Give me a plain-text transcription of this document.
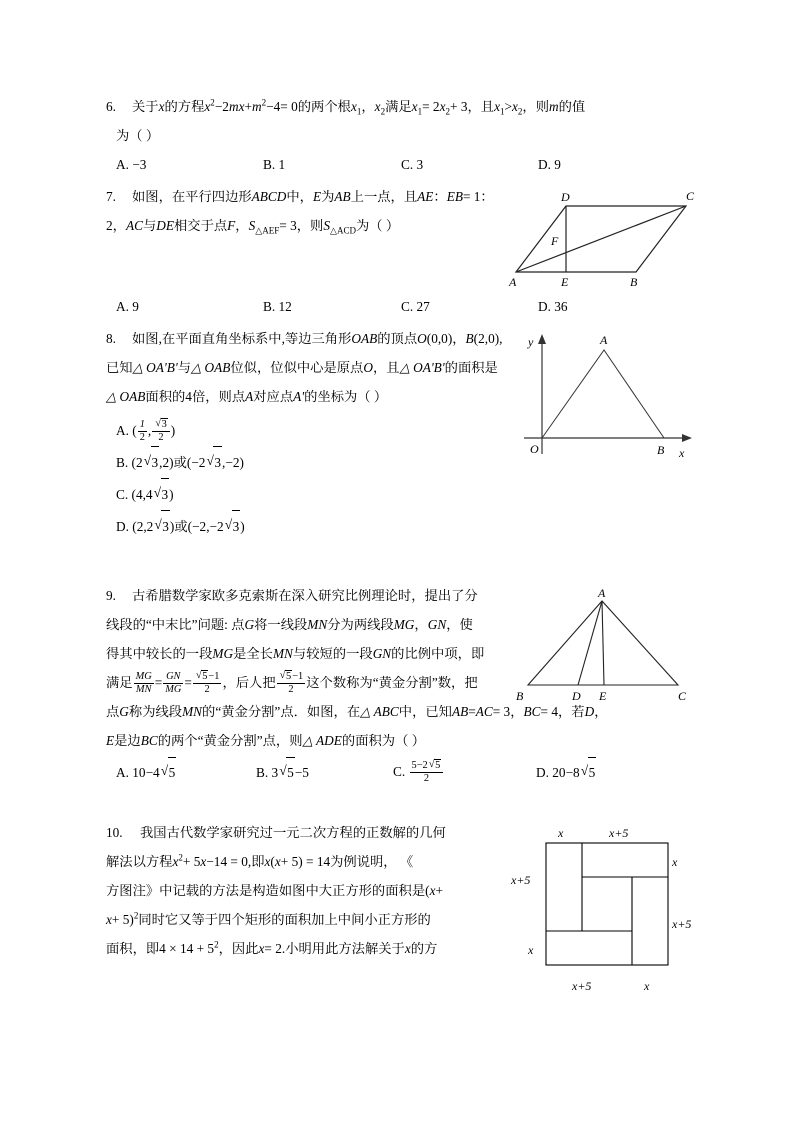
6. 关于x的方程$x^2-2mx+m^2-4= 0$的两个根$x_1$，$x_2$满足$x_1= 2x_2+ 3$，且$x_1>x_2$，则m的值
为（ ）
A. −3	B. 1	C. 3	D. 9
7. 如图，在平行四边形ABCD中，E为AB上一点，且AE：EB= 1：2，AC与DE相交于点F，$S_{\triangle AEF}= 3$，则$S_{\triangle ACD}$为（ ）
D	C
F
A	E	B
A. 9	B. 12	C. 27	D. 36
8. 如图,在平面直角坐标系中,等边三角形OAB的顶点O(0,0)，B(2,0),已知△ OA'B'与△ OAB位似，位似中心是原点O，且△ OA'B'的面积是△ OAB面积的4倍，则点A对应点A'的坐标为（ ）
y
x
A
O	B
A. ( $\frac{1}{2}$ , $\frac{√ 3}{2}$ )
B. (2 √ 3,2)或(−2 √ 3,−2)
C. (4,4 √ 3)
D. (2,2 √ 3)或(−2,−2 √ 3)
9. 古希腊数学家欧多克索斯在深入研究比例理论时，提出了分
线段的“中末比”问题: 点G将一线段MN分为两线段MG，GN，使
得其中较长的一段MG是全长MN与较短的一段GN的比例中项，即
满足 $\frac{MG}{MN} = \frac{GN}{MG} = \frac{√ 5-1}{2}$ ，后人把 $\frac{√ 5-1}{2}$ 这个数称为“黄金分割”数，把
点G称为线段MN的“黄金分割”点．如图，在△ ABC中，已知AB=AC= 3，BC= 4，若D，
E是边BC的两个“黄金分割”点，则△ ADE的面积为（ ）
A
B	D E	C
A. 10−4 √ 5	B. 3 √ 5−5	C. $\frac{5-2 √ 5}{2}$	D. 20−8 √ 5
10. 我国古代数学家研究过一元二次方程的正数解的几何
解法以方程$x^2+ 5x-14 = 0$,即x(x+ 5) = 14为例说明， 《
方图注》中记载的方法是构造如图中大正方形的面积是(x+
x+ 5)$^2$同时它又等于四个矩形的面积加上中间小正方形的
面积，即$4 \times 14 + 5^2$，因此x= 2.小明用此方法解关于x的方
x	x+5
x
x+5
x+5
x
x+5	x
